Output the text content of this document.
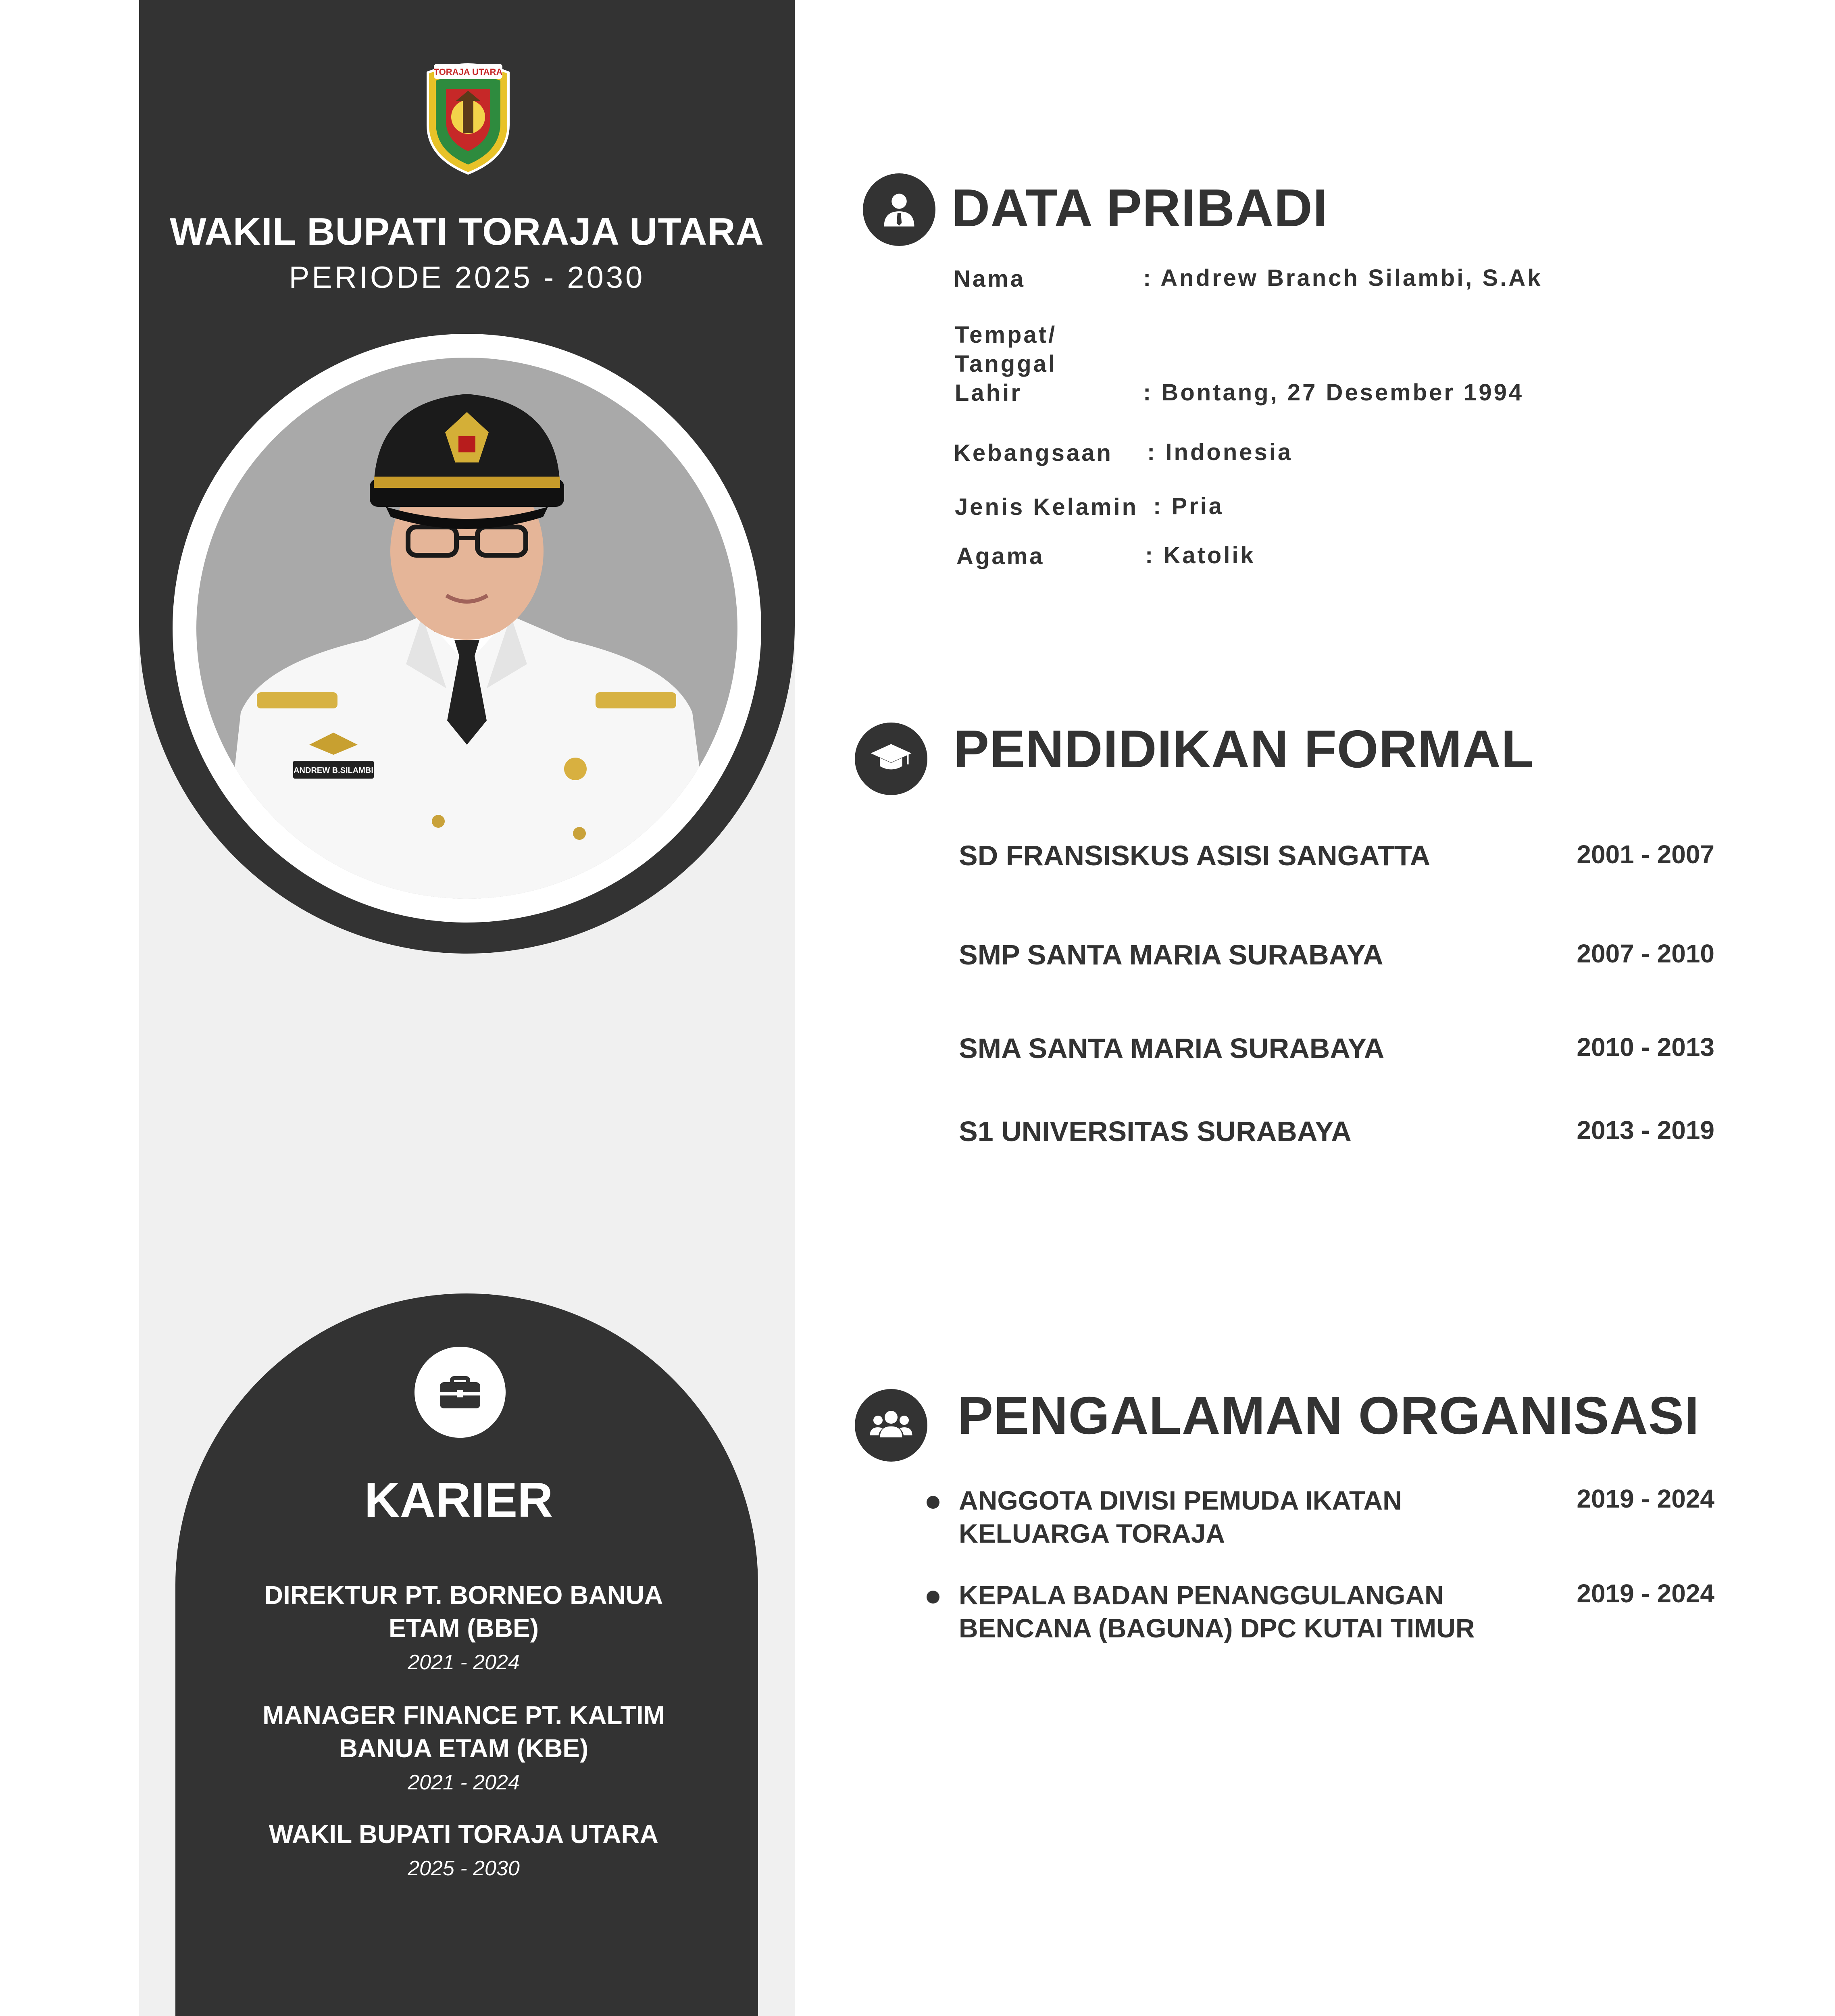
TORAJA UTARA
WAKIL BUPATI TORAJA UTARA
PERIODE 2025 - 2030
ANDREW B.SILAMBI
KARIER
DIREKTUR PT. BORNEO BANUA ETAM (BBE)
2021 - 2024
MANAGER FINANCE PT. KALTIM BANUA ETAM (KBE)
2021 - 2024
WAKIL BUPATI TORAJA UTARA
2025 - 2030
DATA PRIBADI
Nama	: Andrew Branch Silambi, S.Ak
Tempat/
Tanggal
Lahir	: Bontang, 27 Desember 1994
Kebangsaan : Indonesia
Jenis Kelamin : Pria
Agama	: Katolik
PENDIDIKAN FORMAL
SD FRANSISKUS ASISI SANGATTA	2001 - 2007
SMP SANTA MARIA SURABAYA	2007 - 2010
SMA SANTA MARIA SURABAYA	2010 - 2013
S1 UNIVERSITAS SURABAYA	2013 - 2019
PENGALAMAN ORGANISASI
ANGGOTA DIVISI PEMUDA IKATAN KELUARGA TORAJA
2019 - 2024
KEPALA BADAN PENANGGULANGAN BENCANA (BAGUNA) DPC KUTAI TIMUR
2019 - 2024
